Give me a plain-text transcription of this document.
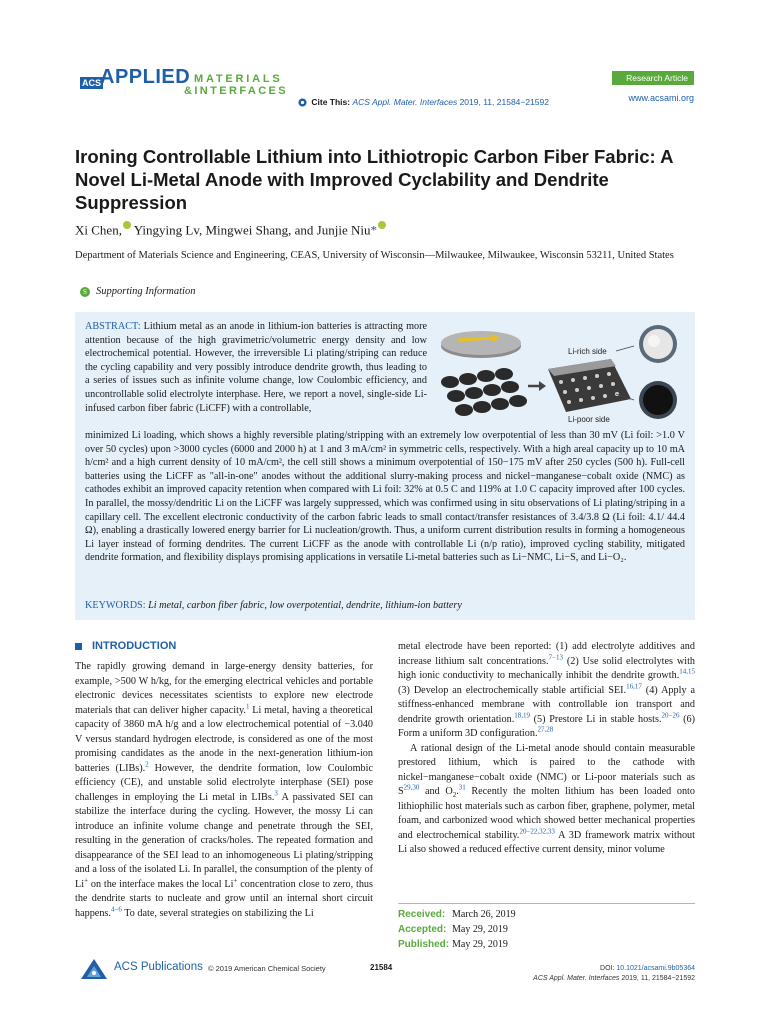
ACS
APPLIED MATERIALS
&INTERFACES
Cite This: ACS Appl. Mater. Interfaces 2019, 11, 21584−21592
Research Article
www.acsami.org
Ironing Controllable Lithium into Lithiotropic Carbon Fiber Fabric: A Novel Li-Metal Anode with Improved Cyclability and Dendrite Suppression
Xi Chen, Yingying Lv, Mingwei Shang, and Junjie Niu*
Department of Materials Science and Engineering, CEAS, University of Wisconsin—Milwaukee, Milwaukee, Wisconsin 53211, United States
S Supporting Information
ABSTRACT: Lithium metal as an anode in lithium-ion batteries is attracting more attention because of the high gravimetric/volumetric energy density and low electrochemical potential. However, the irreversible Li plating/striping can reduce the cycling capability and very possibly introduce dendrite growth, thus leading to a series of issues such as infinite volume change, low Coulombic efficiency, and uncontrollable solid electrolyte interphase. Here, we report a novel, single-side Li-infused carbon fiber fabric (LiCFF) with a controllable,
minimized Li loading, which shows a highly reversible plating/stripping with an extremely low overpotential of less than 30 mV (Li foil: >1.0 V over 50 cycles) upon >3000 cycles (6000 and 2000 h) at 1 and 3 mA/cm² in symmetric cells, respectively. With a high areal capacity up to 10 mA h/cm² and a high current density of 10 mA/cm², the cell still shows a minimum overpotential of 150−175 mV after 250 cycles (500 h). Full-cell batteries using the LiCFF as "all-in-one" anodes without the additional slurry-making process and nickel−manganese−cobalt oxide (NMC) as cathodes exhibit an improved capacity retention when compared with Li foil: 32% at 0.5 C and 119% at 1.0 C capacity improved after 100 cycles. In parallel, the mossy/dendritic Li on the LiCFF was largely suppressed, which was confirmed using in situ observations of Li plating/striping in a capillary cell. The excellent electronic conductivity of the carbon fabric leads to small contact/transfer resistances of 3.4/3.8 Ω (Li foil: 4.1/ 44.4 Ω), enabling a drastically lowered energy barrier for Li nucleation/growth. Thus, a uniform current distribution results in forming a homogeneous Li layer instead of forming dendrites. The current LiCFF as the anode with controllable Li (n/p ratio), improved cycling stability, mitigated dendrite formation, and flexibility displays promising applications in versatile Li-metal batteries such as Li−NMC, Li−S, and Li−O₂.
KEYWORDS: Li metal, carbon fiber fabric, low overpotential, dendrite, lithium-ion battery
Li-rich side
Li-poor side
INTRODUCTION

The rapidly growing demand in large-energy density batteries, for example, >500 W h/kg, for the emerging electrical vehicles and portable electronic devices necessitates scientists to explore new electrode materials that can deliver higher capacity.$^1$ Li metal, having a theoretical capacity of 3860 mA h/g and a low electrochemical potential of −3.040 V versus standard hydrogen electrode, is considered as one of the most promising candidates as the anode in the next-generation lithium-ion batteries (LIBs).$^2$ However, the dendrite formation, low Coulombic efficiency (CE), and unstable solid electrolyte interphase (SEI) pose challenges in employing the Li metal in LIBs.$^3$ A passivated SEI can stabilize the interface during the cycling. However, the mossy Li can introduce an infinite volume change and penetrate through the SEI, resulting in the generation of cracks/holes. The repeated formation and disappearance of the SEI lead to an inhomogeneous Li plating/stripping and a loss of the isolated Li. In parallel, the consumption of the plenty of Li+ on the interface makes the local Li+ concentration close to zero, thus the dendrite starts to nucleate and grow until an internal short circuit happens.$^{4-6}$ To date, several strategies on stabilizing the Li

metal electrode have been reported: (1) add electrolyte additives and increase lithium salt concentrations.$^{7-13}$ (2) Use solid electrolytes with high ionic conductivity to mechanically inhibit the dendrite growth.$^{14,15}$ (3) Develop an electrochemically stable artificial SEI.$^{16,17}$ (4) Apply a stiffness-enhanced membrane with controllable ion transport and dendrite growth orientation.$^{18,19}$ (5) Prestore Li in stable hosts.$^{20-26}$ (6) Form a uniform 3D configuration.$^{27,28}$

A rational design of the Li-metal anode should contain measurable prestored lithium, which is paired to the cathode with nickel−manganese−cobalt oxide (NMC) or Li-poor materials such as S$^{29,30}$ and $O_2.^{31}$ Recently the molten lithium has been loaded onto lithiophilic host materials such as carbon fiber, graphene, polymer, metal foam, and carbonized wood which showed better mechanical properties and electrochemical stability.$^{20-22,32,33}$ A 3D framework matrix without Li also showed a reduced effective current density, minor volume

Received: March 26, 2019
Accepted: May 29, 2019
Published: May 29, 2019
ACS Publications © 2019 American Chemical Society	21584	DOI: 10.1021/acsami.9b05364
ACS Appl. Mater. Interfaces 2019, 11, 21584−21592
